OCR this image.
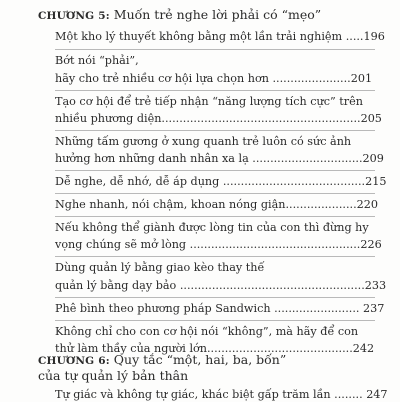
CHƯƠNG 5: Muốn trẻ nghe lời phải có “mẹo”
Một kho lý thuyết không bằng một lần trải nghiệm .....196
Bớt nói “phải”,
hãy cho trẻ nhiều cơ hội lựa chọn hơn ......................201
Tạo cơ hội để trẻ tiếp nhận “năng lượng tích cực” trên
nhiều phương diện........................................................205
Những tấm gương ở xung quanh trẻ luôn có sức ảnh
hưởng hơn những danh nhân xa lạ ...............................209
Dễ nghe, dễ nhớ, dễ áp dụng ........................................215
Nghe nhanh, nói chậm, khoan nóng giận....................220
Nếu không thể giành được lòng tin của con thì đừng hy
vọng chúng sẽ mở lòng ................................................226
Dùng quản lý bằng giao kèo thay thế
quản lý bằng dạy bảo ....................................................233
Phê bình theo phương pháp Sandwich ........................ 237
Không chỉ cho con cơ hội nói “không”, mà hãy để con
thử làm thầy của người lớn.........................................242
CHƯƠNG 6: Quy tắc “một, hai, ba, bốn”
của tự quản lý bản thân
Tự giác và không tự giác, khác biệt gấp trăm lần ........ 247
